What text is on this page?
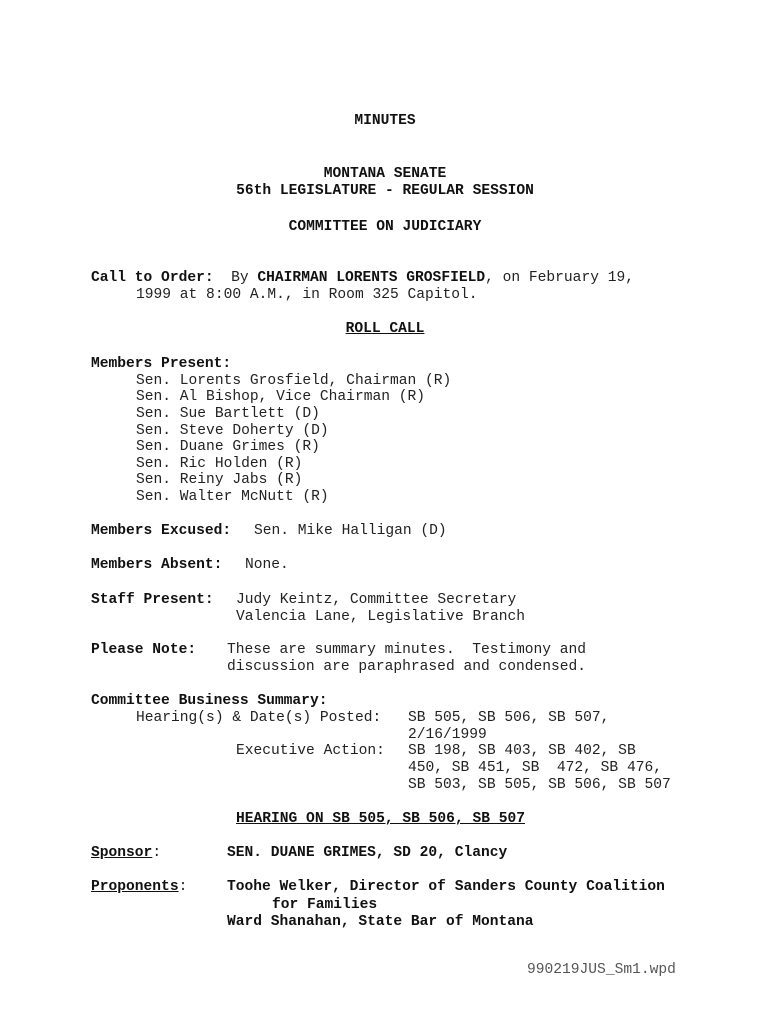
MINUTES
MONTANA SENATE
56th LEGISLATURE - REGULAR SESSION
COMMITTEE ON JUDICIARY
Call to Order: By CHAIRMAN LORENTS GROSFIELD, on February 19,
1999 at 8:00 A.M., in Room 325 Capitol.
ROLL CALL
Members Present:
Sen. Lorents Grosfield, Chairman (R)
Sen. Al Bishop, Vice Chairman (R)
Sen. Sue Bartlett (D)
Sen. Steve Doherty (D)
Sen. Duane Grimes (R)
Sen. Ric Holden (R)
Sen. Reiny Jabs (R)
Sen. Walter McNutt (R)
Members Excused: Sen. Mike Halligan (D)
Members Absent: None.
Staff Present: Judy Keintz, Committee Secretary
Valencia Lane, Legislative Branch
Please Note: These are summary minutes.  Testimony and
discussion are paraphrased and condensed.
Committee Business Summary:
Hearing(s) & Date(s) Posted: SB 505, SB 506, SB 507,
2/16/1999
Executive Action: SB 198, SB 403, SB 402, SB
450, SB 451, SB  472, SB 476,
SB 503, SB 505, SB 506, SB 507
HEARING ON SB 505, SB 506, SB 507
Sponsor:	SEN. DUANE GRIMES, SD 20, Clancy
Proponents:	Toohe Welker, Director of Sanders County Coalition
for Families
Ward Shanahan, State Bar of Montana
990219JUS_Sm1.wpd
